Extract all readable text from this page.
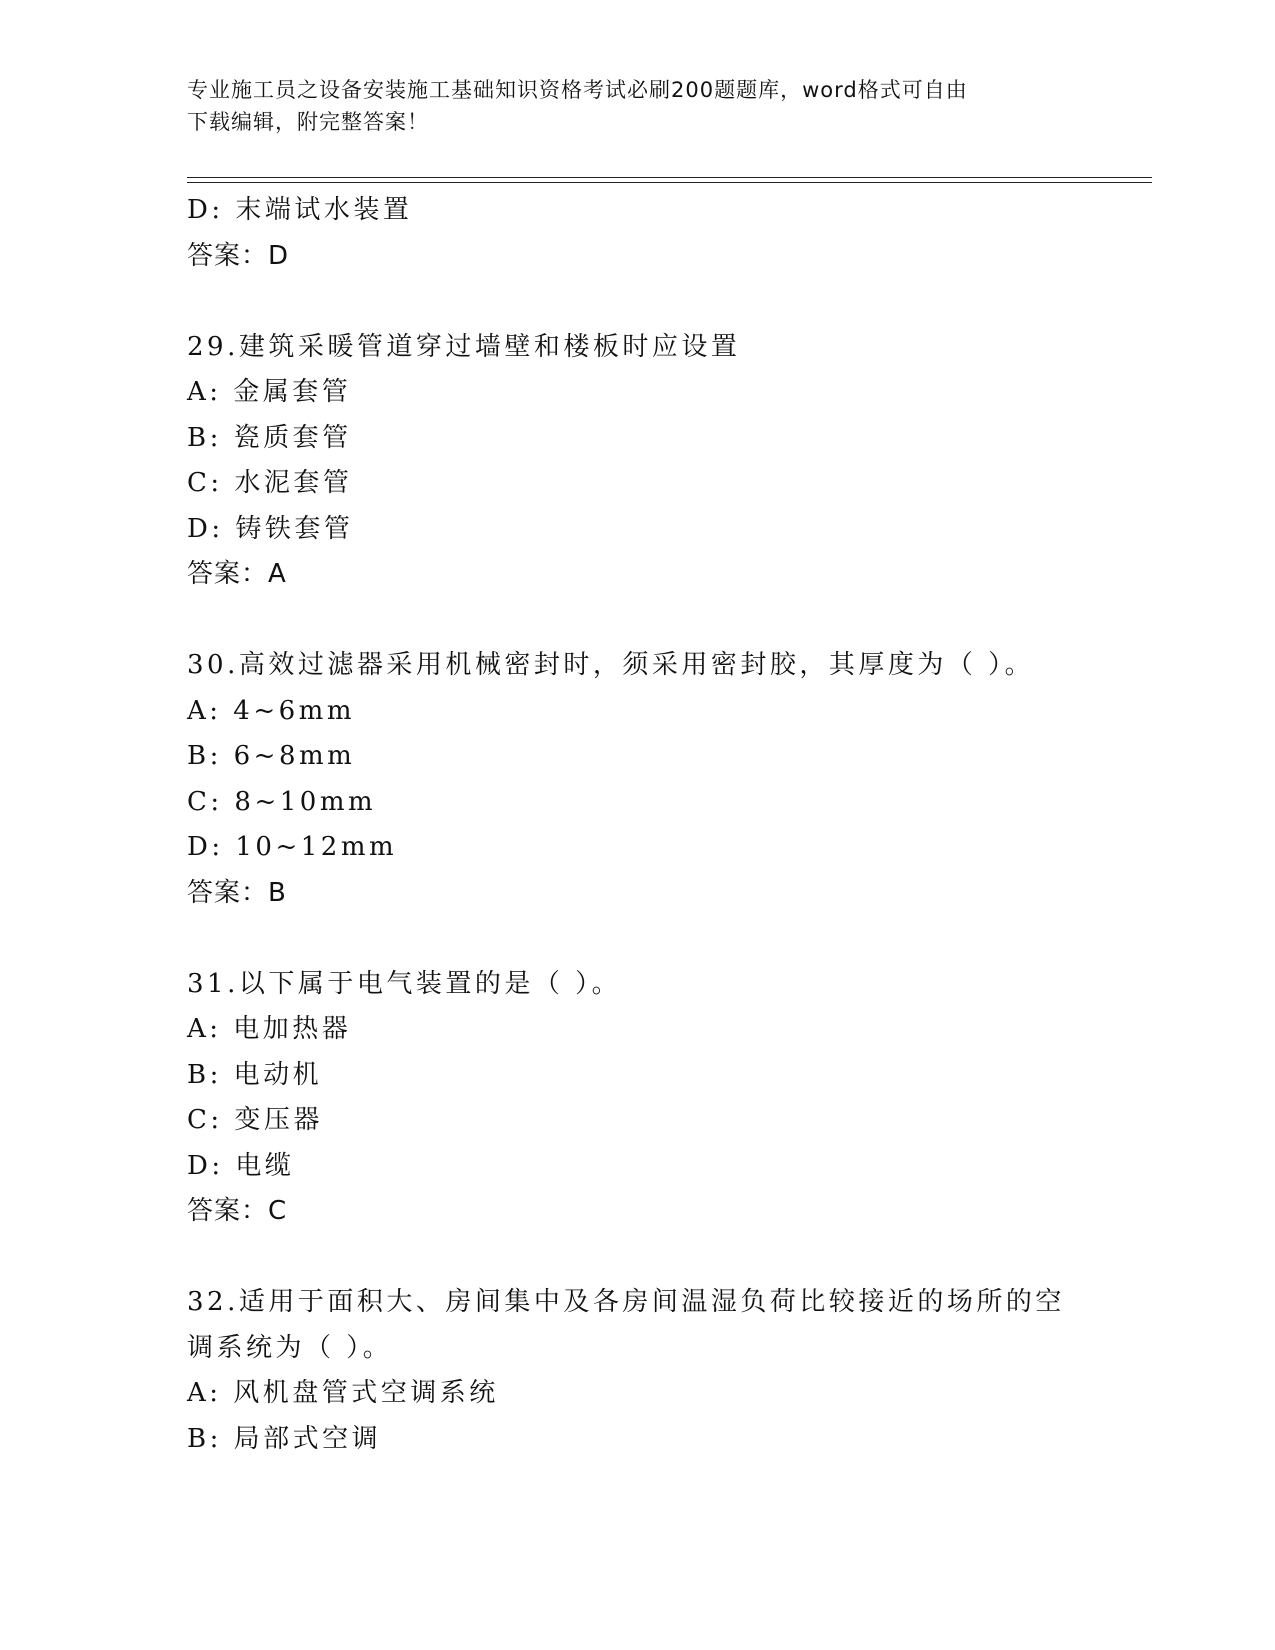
专业施工员之设备安装施工基础知识资格考试必刷200题题库，word格式可自由
下载编辑，附完整答案！
D: 末端试水装置
答案：D
29.建筑采暖管道穿过墙壁和楼板时应设置
A: 金属套管
B: 瓷质套管
C: 水泥套管
D: 铸铁套管
答案：A
30.高效过滤器采用机械密封时，须采用密封胶，其厚度为（ ）。
A: 4~6mm
B: 6~8mm
C: 8~10mm
D: 10~12mm
答案：B
31.以下属于电气装置的是（ ）。
A: 电加热器
B: 电动机
C: 变压器
D: 电缆
答案：C
32.适用于面积大、房间集中及各房间温湿负荷比较接近的场所的空调系统为（ ）。
A: 风机盘管式空调系统
B: 局部式空调
